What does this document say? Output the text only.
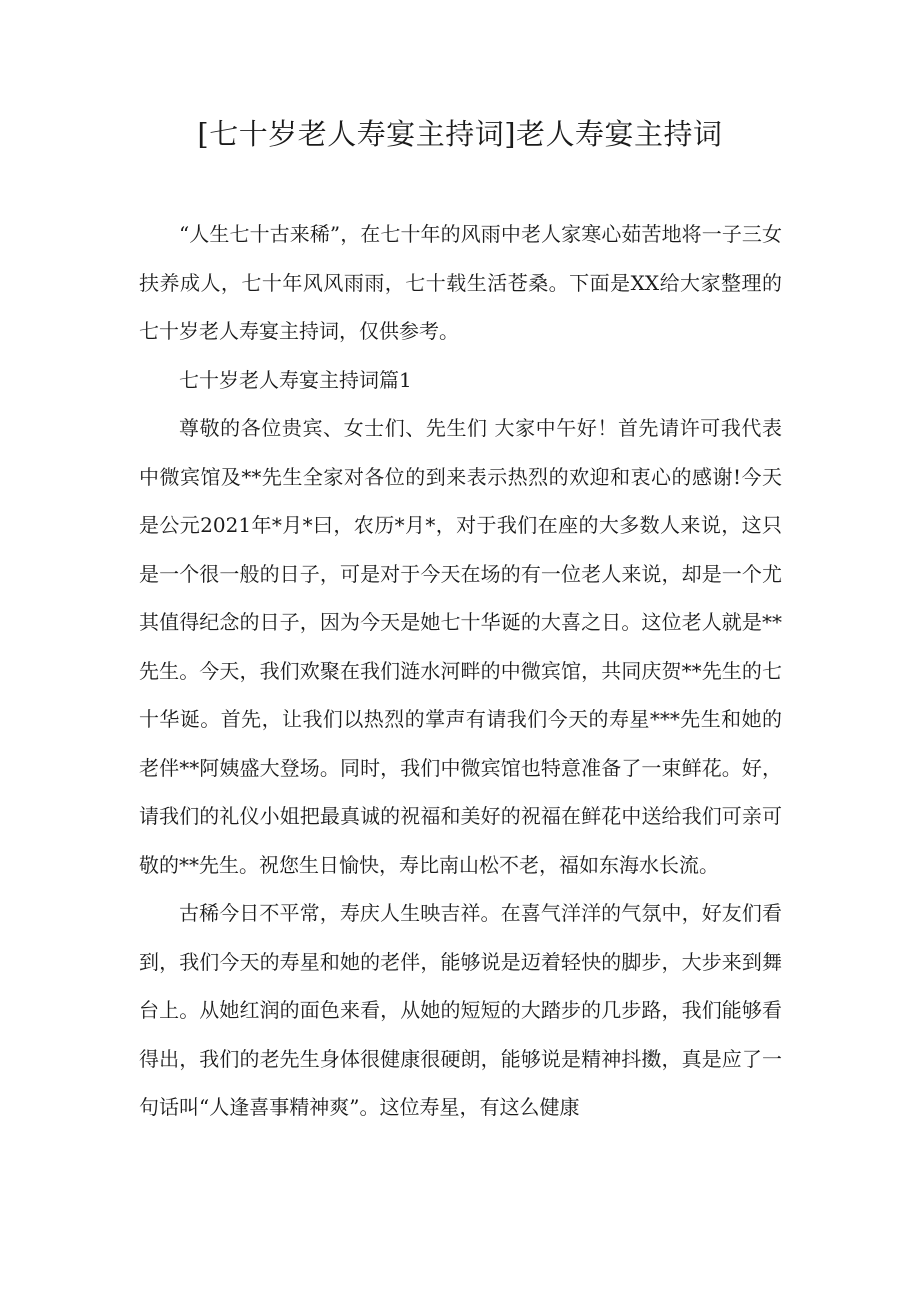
[七十岁老人寿宴主持词]老人寿宴主持词

“人生七十古来稀”，在七十年的风雨中老人家寒心茹苦地将一子三女扶养成人，七十年风风雨雨，七十载生活苍桑。下面是XX给大家整理的七十岁老人寿宴主持词，仅供参考。

七十岁老人寿宴主持词篇1

尊敬的各位贵宾、女士们、先生们 大家中午好！首先请许可我代表中微宾馆及**先生全家对各位的到来表示热烈的欢迎和衷心的感谢!今天是公元2021年*月*曰，农历*月*，对于我们在座的大多数人来说，这只是一个很一般的日子，可是对于今天在场的有一位老人来说，却是一个尤其值得纪念的日子，因为今天是她七十华诞的大喜之日。这位老人就是**先生。今天，我们欢聚在我们涟水河畔的中微宾馆，共同庆贺**先生的七十华诞。首先，让我们以热烈的掌声有请我们今天的寿星***先生和她的老伴**阿姨盛大登场。同时，我们中微宾馆也特意准备了一束鲜花。好，请我们的礼仪小姐把最真诚的祝福和美好的祝福在鲜花中送给我们可亲可敬的**先生。祝您生日愉快，寿比南山松不老，福如东海水长流。

古稀今日不平常，寿庆人生映吉祥。在喜气洋洋的气氛中，好友们看到，我们今天的寿星和她的老伴，能够说是迈着轻快的脚步，大步来到舞台上。从她红润的面色来看，从她的短短的大踏步的几步路，我们能够看得出，我们的老先生身体很健康很硬朗，能够说是精神抖擞，真是应了一句话叫“人逢喜事精神爽”。这位寿星，有这么健康
